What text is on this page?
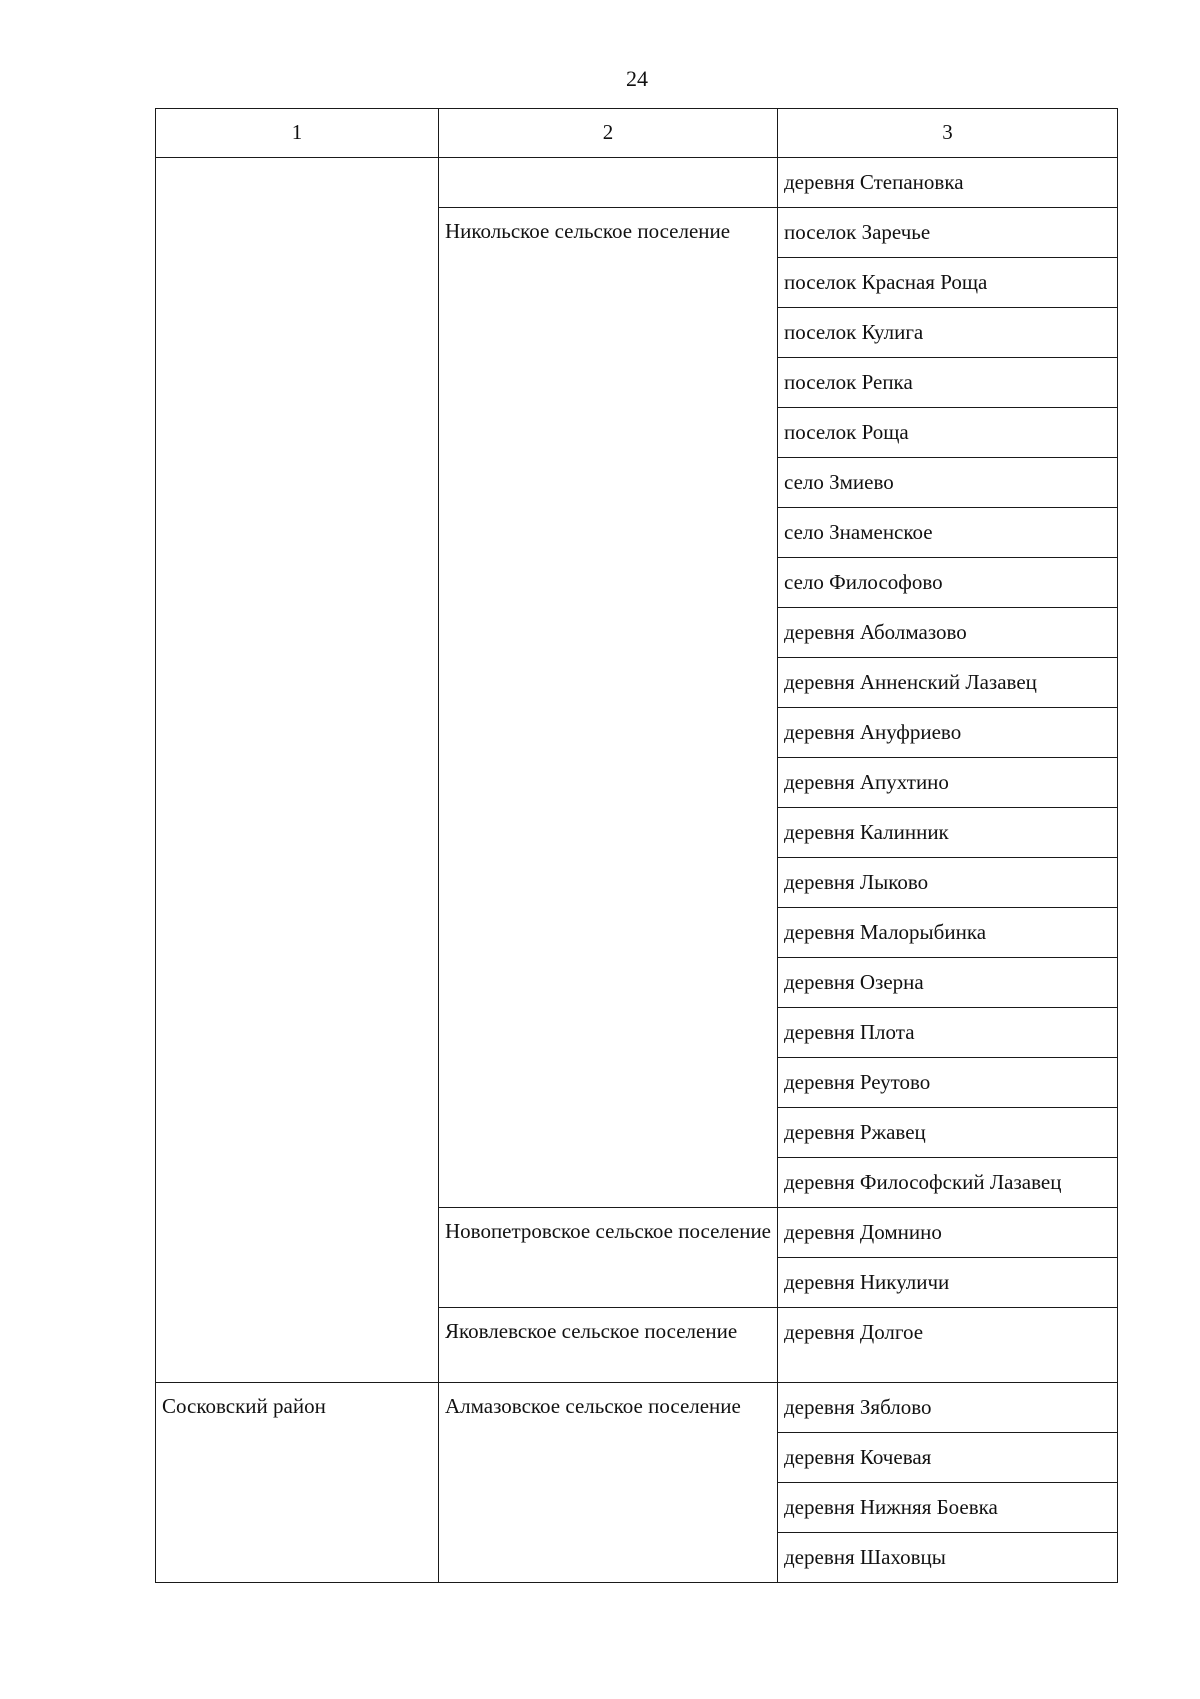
24
1	2	3
		деревня Степановка
	Никольское сельское поселение	поселок Заречье
		поселок Красная Роща
		поселок Кулига
		поселок Репка
		поселок Роща
		село Змиево
		село Знаменское
		село Философово
		деревня Аболмазово
		деревня Анненский Лазавец
		деревня Ануфриево
		деревня Апухтино
		деревня Калинник
		деревня Лыково
		деревня Малорыбинка
		деревня Озерна
		деревня Плота
		деревня Реутово
		деревня Ржавец
		деревня Философский Лазавец
	Новопетровское сельское поселение	деревня Домнино
		деревня Никуличи
	Яковлевское сельское поселение	деревня Долгое
Сосковский район	Алмазовское сельское поселение	деревня Зяблово
		деревня Кочевая
		деревня Нижняя Боевка
		деревня Шаховцы
